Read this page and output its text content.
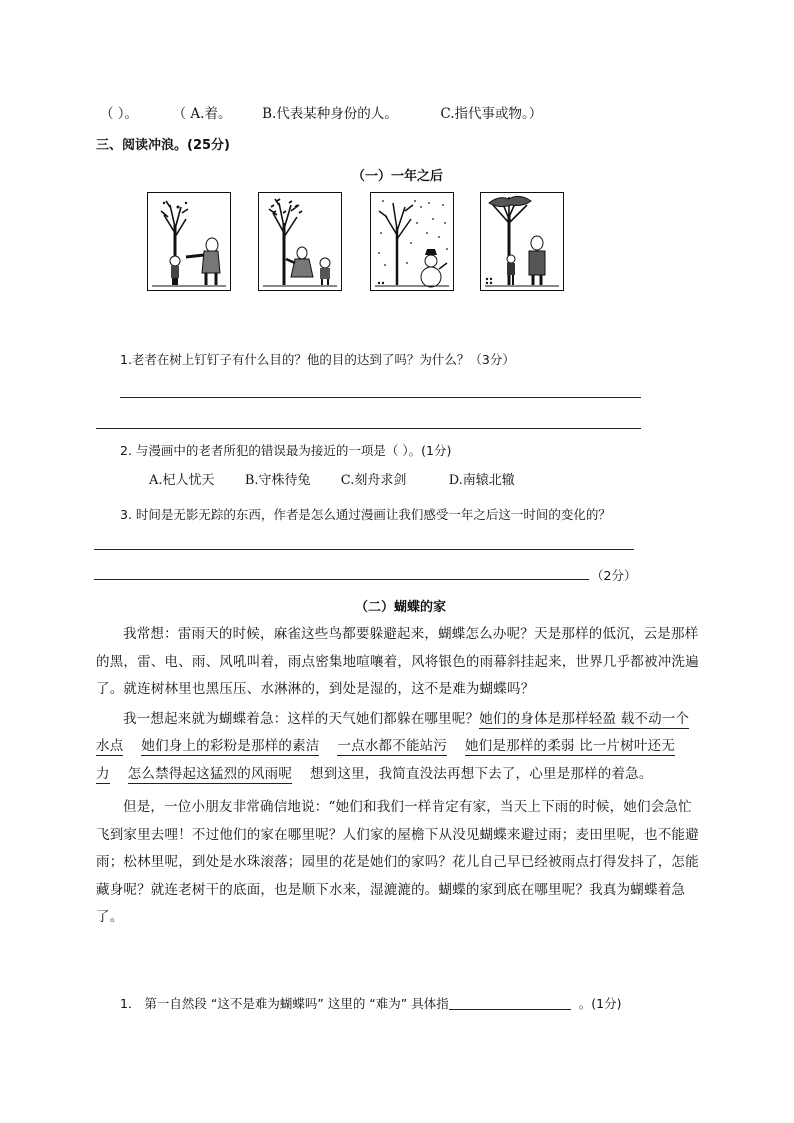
（ ）。	（ A.着。 B.代表某种身份的人。	C.指代事或物。）
三、阅读冲浪。(25分)
（一）一年之后
1.老者在树上钉钉子有什么目的？他的目的达到了吗？为什么？（3分）
2. 与漫画中的老者所犯的错误最为接近的一项是（ ）。(1分)
A.杞人忧天 B.守株待兔 C.刻舟求剑	D.南辕北辙
3. 时间是无影无踪的东西，作者是怎么通过漫画让我们感受一年之后这一时间的变化的？
（2分）
（二）蝴蝶的家

我常想：雷雨天的时候，麻雀这些鸟都要躲避起来，蝴蝶怎么办呢？天是那样的低沉，云是那样的黑，雷、电、雨、风吼叫着，雨点密集地喧嚷着，风将银色的雨幕斜挂起来，世界几乎都被冲洗遍了。就连树林里也黑压压、水淋淋的，到处是湿的，这不是难为蝴蝶吗？

我一想起来就为蝴蝶着急：这样的天气她们都躲在哪里呢？她们的身体是那样轻盈 载不动一个水点 她们身上的彩粉是那样的素洁 一点水都不能站污 她们是那样的柔弱 比一片树叶还无力 怎么禁得起这猛烈的风雨呢 想到这里，我简直没法再想下去了，心里是那样的着急。

但是，一位小朋友非常确信地说：“她们和我们一样肯定有家，当天上下雨的时候，她们会急忙飞到家里去哩！不过他们的家在哪里呢？人们家的屋檐下从没见蝴蝶来避过雨；麦田里呢，也不能避雨；松林里呢，到处是水珠滚落；园里的花是她们的家吗？花儿自己早已经被雨点打得发抖了，怎能藏身呢？就连老树干的底面，也是顺下水来，湿漉漉的。蝴蝶的家到底在哪里呢？我真为蝴蝶着急了。

1． 第一自然段 “这不是难为蝴蝶吗” 这里的 “难为” 具体指	。(1分)
